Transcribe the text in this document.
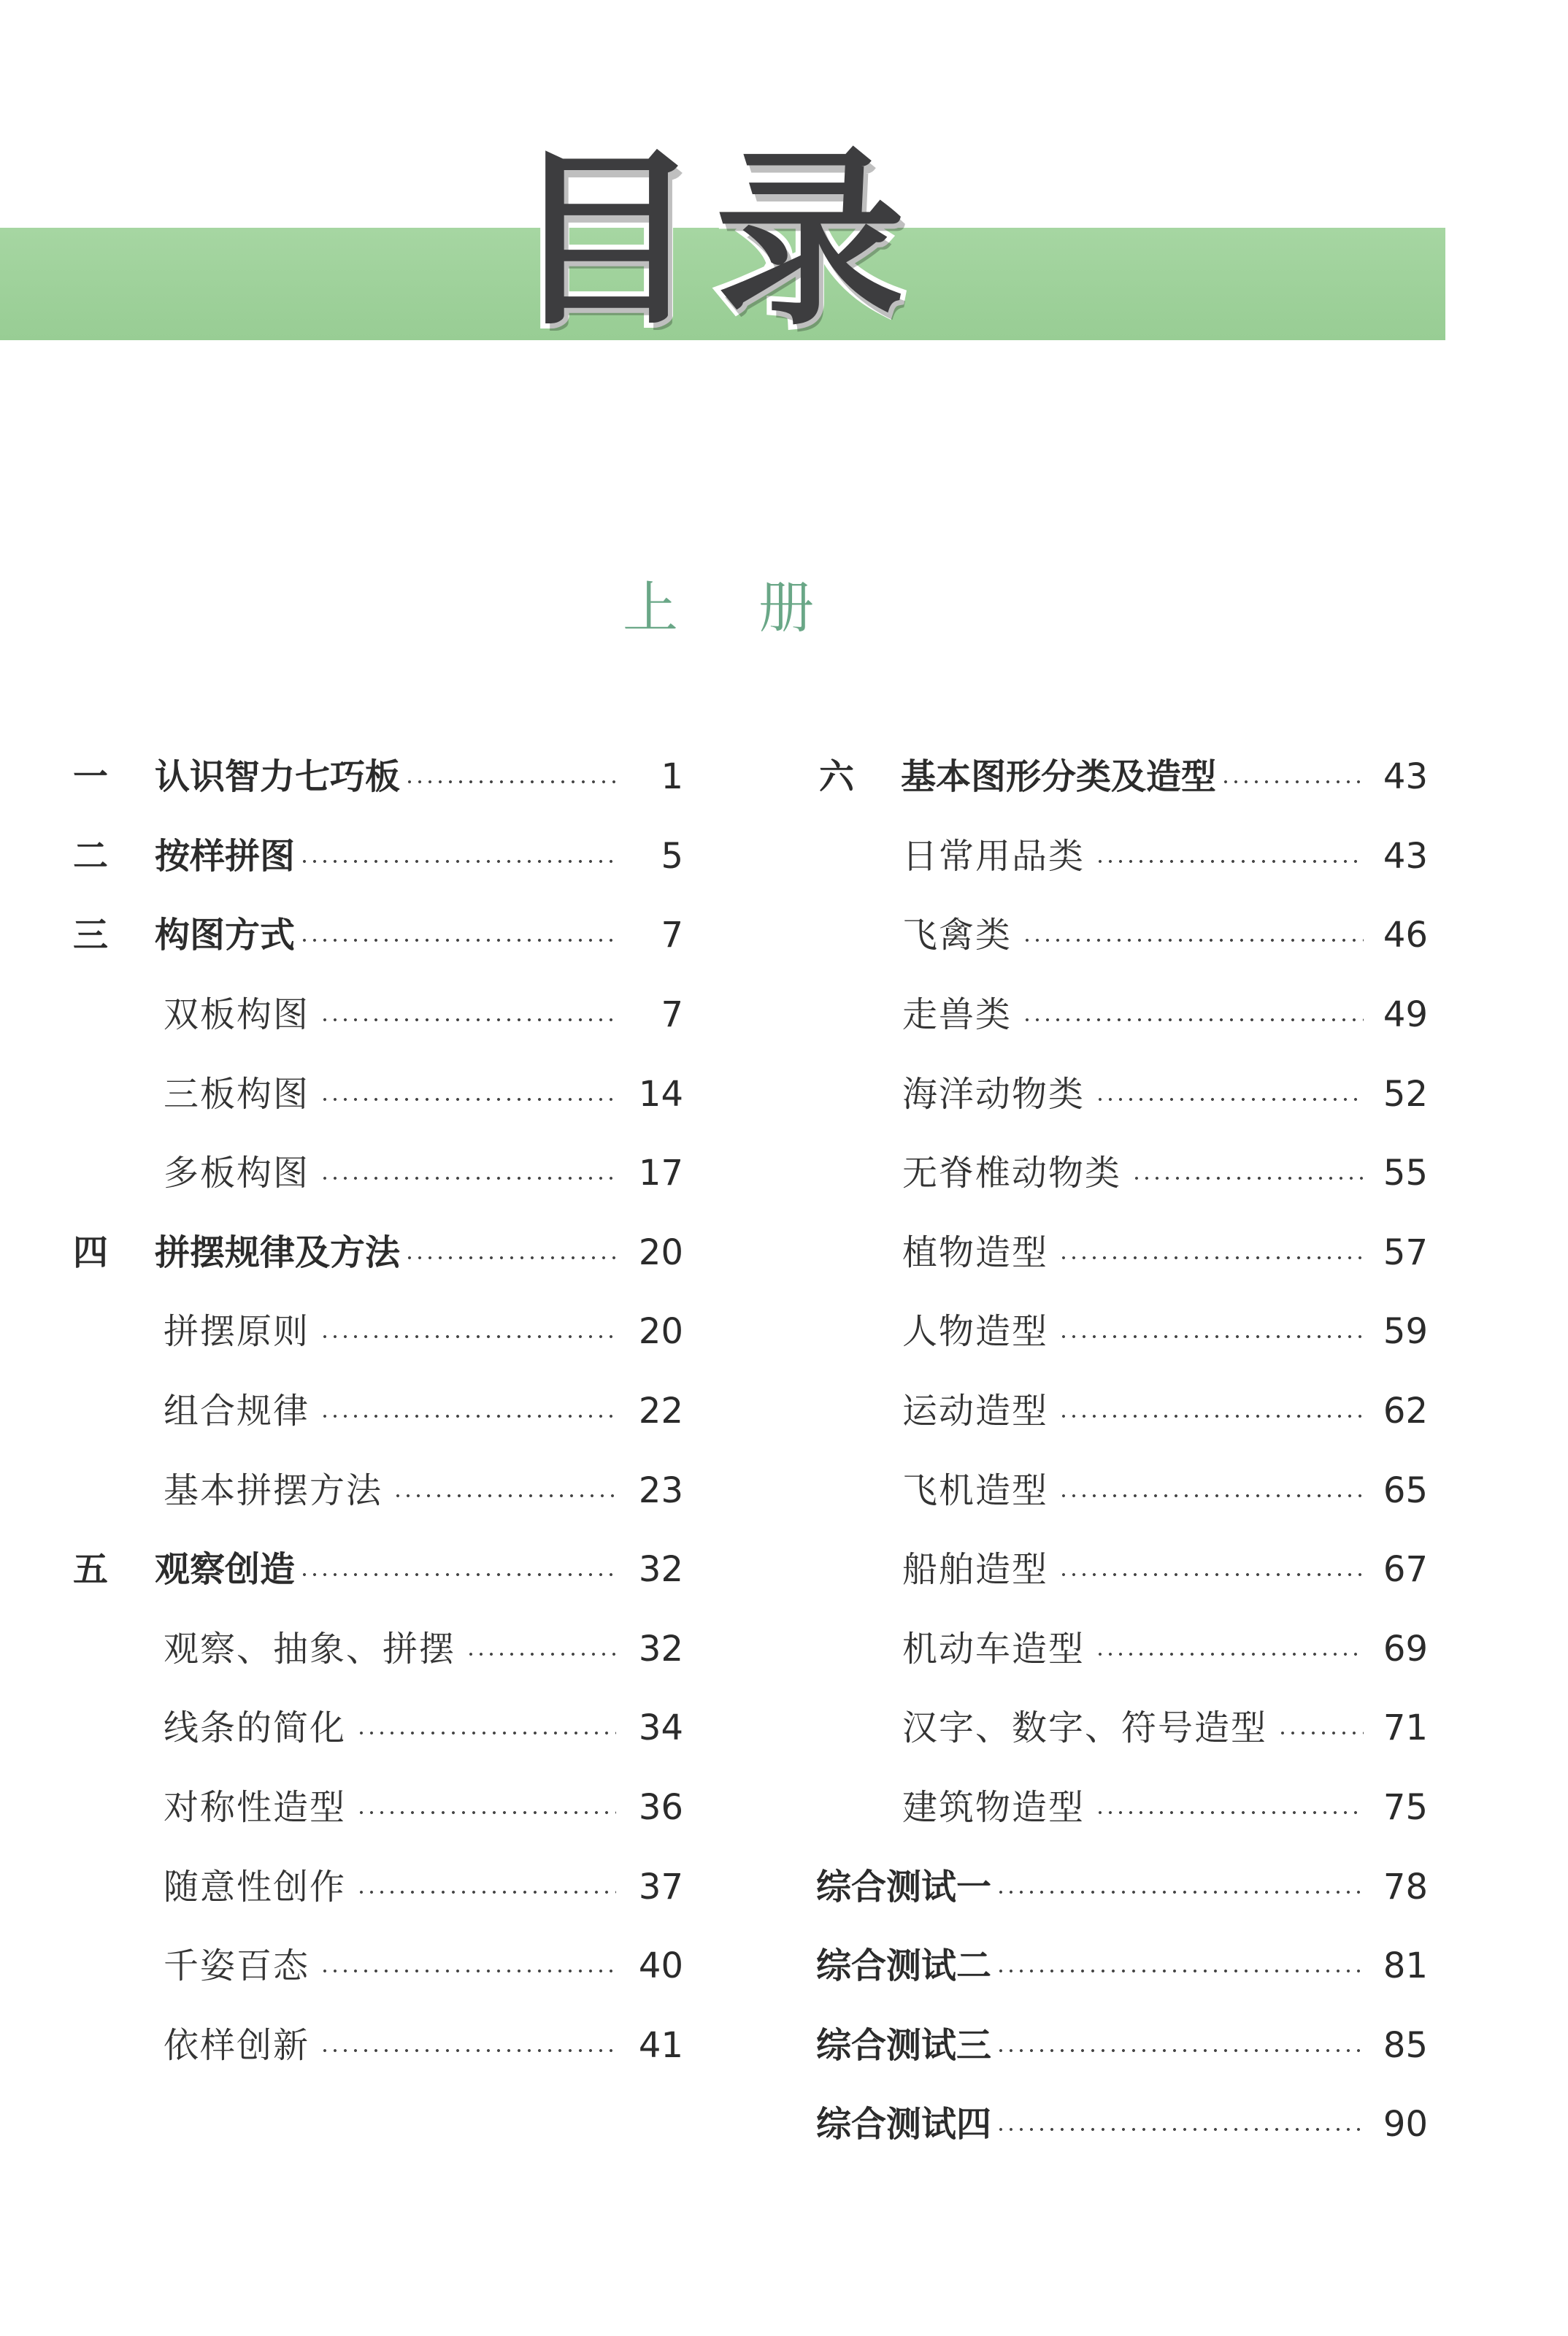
目录
上册
一	认识智力七巧板	1
二	按样拼图	5
三	构图方式	7
双板构图	7
三板构图	14
多板构图	17
四	拼摆规律及方法	20
拼摆原则	20
组合规律	22
基本拼摆方法	23
五	观察创造	32
观察、抽象、拼摆	32
线条的简化	34
对称性造型	36
随意性创作	37
千姿百态	40
依样创新	41
六	基本图形分类及造型	43
日常用品类	43
飞禽类	46
走兽类	49
海洋动物类	52
无脊椎动物类	55
植物造型	57
人物造型	59
运动造型	62
飞机造型	65
船舶造型	67
机动车造型	69
汉字、数字、符号造型	71
建筑物造型	75
综合测试一	78
综合测试二	81
综合测试三	85
综合测试四	90
